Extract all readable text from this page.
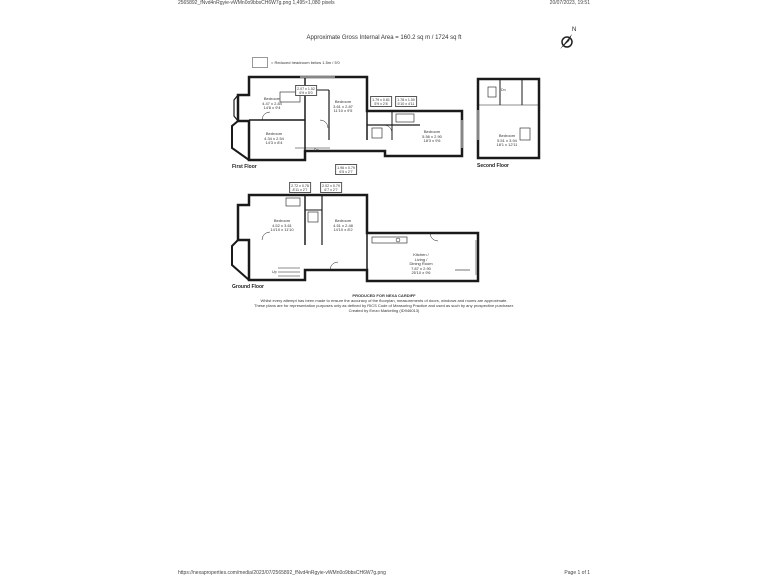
2565892_fNvd4nRgyie-vWMn0o9bbsCH6W7g.png 1,495×1,080 pixels	20/07/2023, 19:51
Approximate Gross Internal Area = 160.2 sq m / 1724 sq ft
= Reduced headroom below 1.5m / 5'0
N
Bedroom
4.47 x 2.84
14'8 x 9'4
Bedroom
4.34 x 2.54
14'3 x 8'4
Bedroom
3.61 x 2.87
11'10 x 9'5
Bedroom
5.56 x 2.90
18'3 x 9'6
2.07 x 1.52
6'9 x 5'0
1.79 x 0.81
5'9 x 2'8
1.78 x 1.50
5'10 x 4'11
1.96 x 0.79
6'5 x 2'7
Dn
First Floor
Dn
Bedroom
5.51 x 3.94
18'1 x 12'11
Second Floor
2.72 x 0.78
8'11 x 2'7
2.02 x 0.79
6'7 x 2'7
Bedroom
4.52 x 3.61
14'10 x 11'10
Bedroom
4.51 x 2.48
14'10 x 8'2
Kitchen /
Living /
Dining Room
7.87 x 2.90
25'10 x 9'6
Up
Ground Floor
PRODUCED FOR NEXA CARDIFF
Whilst every attempt has been made to ensure the accuracy of the floorplan, measurements of doors, windows and rooms are approximate.
These plans are for representation purposes only as defined by RICS Code of Measuring Practice and used as such by any prospective purchaser.
Created by Emzo Marketing (ID946013)
https://nexaproperties.com/media/2023/07/2565892_fNvd4nRgyie-vWMn0o9bbsCH6W7g.png	Page 1 of 1
